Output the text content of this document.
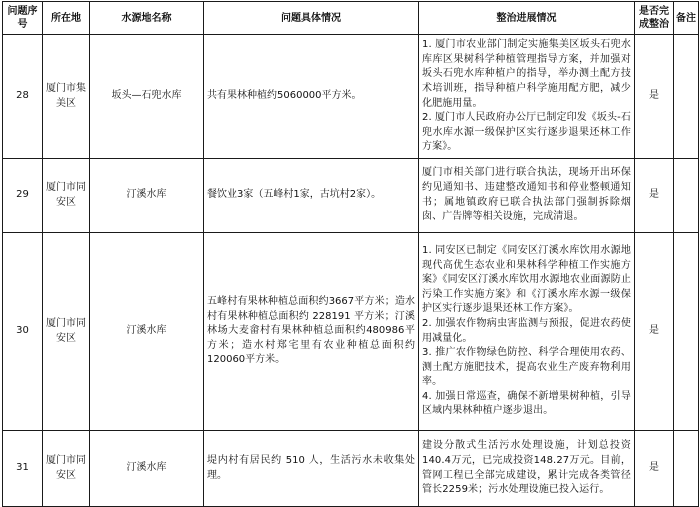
问题序号	所在地	水源地名称	问题具体情况	整治进展情况	是否完成整治	备注
28	厦门市集美区	坂头—石兜水库	共有果林种植约5060000平方米。	1. 厦门市农业部门制定实施集美区坂头石兜水库库区果树科学种植管理指导方案，并加强对坂头石兜水库种植户的指导，举办测土配方技术培训班，指导种植户科学施用配方肥，减少化肥施用量。
2. 厦门市人民政府办公厅已制定印发《坂头-石兜水库水源一级保护区实行逐步退果还林工作方案》。	是	
29	厦门市同安区	汀溪水库	餐饮业3家（五峰村1家，古坑村2家）。	厦门市相关部门进行联合执法，现场开出环保约见通知书、违建整改通知书和停业整顿通知书；属地镇政府已联合执法部门强制拆除烟囱、广告牌等相关设施，完成清退。	是	
30	厦门市同安区	汀溪水库	五峰村有果林种植总面积约3667平方米；造水村有果林种植总面积约 228191 平方米；汀溪林场大麦畲村有果林种植总面积约480986平方米；造水村郑宅里有农业种植总面积约120060平方米。	1. 同安区已制定《同安区汀溪水库饮用水源地现代高优生态农业和果林科学种植工作实施方案》《同安区汀溪水库饮用水源地农业面源防止污染工作实施方案》和《汀溪水库水源一级保护区实行逐步退果还林工作方案》。
2. 加强农作物病虫害监测与预报，促进农药使用减量化。
3. 推广农作物绿色防控、科学合理使用农药、测土配方施肥技术，提高农业生产废弃物利用率。
4. 加强日常巡查，确保不新增果树种植，引导区域内果林种植户逐步退出。	是	
31	厦门市同安区	汀溪水库	堤内村有居民约 510 人，生活污水未收集处理。	建设分散式生活污水处理设施，计划总投资140.4万元，已完成投资148.27万元。目前，管网工程已全部完成建设，累计完成各类管径管长2259米；污水处理设施已投入运行。	是	
